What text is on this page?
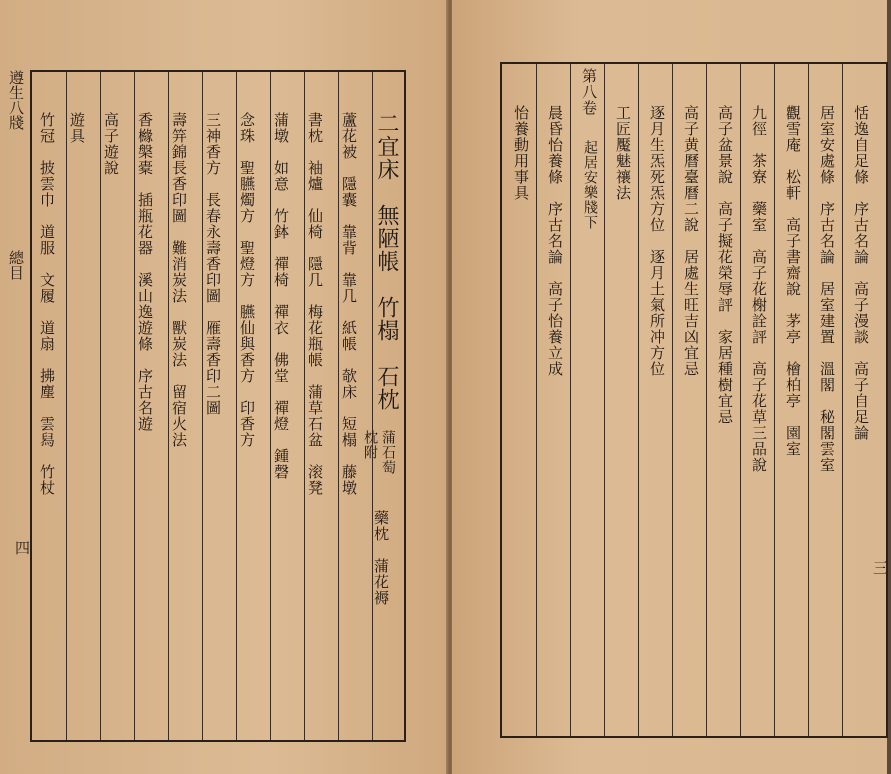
遵生八牋
總目
四
二宜床　無陋帳　竹榻　石枕
枕附 蒲石萄
藥枕　蒲花褥
蘆花被　隱囊　靠背　靠几　紙帳　欹床　短榻　藤墩
書枕　袖爐　仙椅　隱几　梅花瓶帳　蒲草石盆　滚凳
蒲墩　如意　竹鉢　禪椅　禪衣　佛堂　禪燈　鍾磬
念珠　聖臙燭方　聖燈方　臙仙與香方　印香方
三神香方　長春永壽香印圖　雁壽香印二圖
壽笄錦長香印圖　難消炭法　獸炭法　留宿火法
香櫞槃橐　插瓶花器　溪山逸遊條　序古名遊
高子遊說
遊具
竹冠　披雲巾　道服　文履　道扇　拂塵　雲舄　竹杖
三
恬逸自足條　序古名論　高子漫談　高子自足論
居室安處條　序古名論　居室建置　溫閣　秘閣雲室
觀雪庵　松軒　高子書齋說　茅亭　檜柏亭　園室
九徑　茶寮　藥室　高子花榭詮評　高子花草三品說
高子盆景說　高子擬花榮辱評　家居種樹宜忌
高子黄曆臺曆二說　居處生旺吉凶宜忌
逐月生炁死炁方位　逐月土氣所冲方位
工匠魘魅禳法
第八卷
起居安樂牋下
晨昏怡養條　序古名論　高子怡養立成
怡養動用事具
